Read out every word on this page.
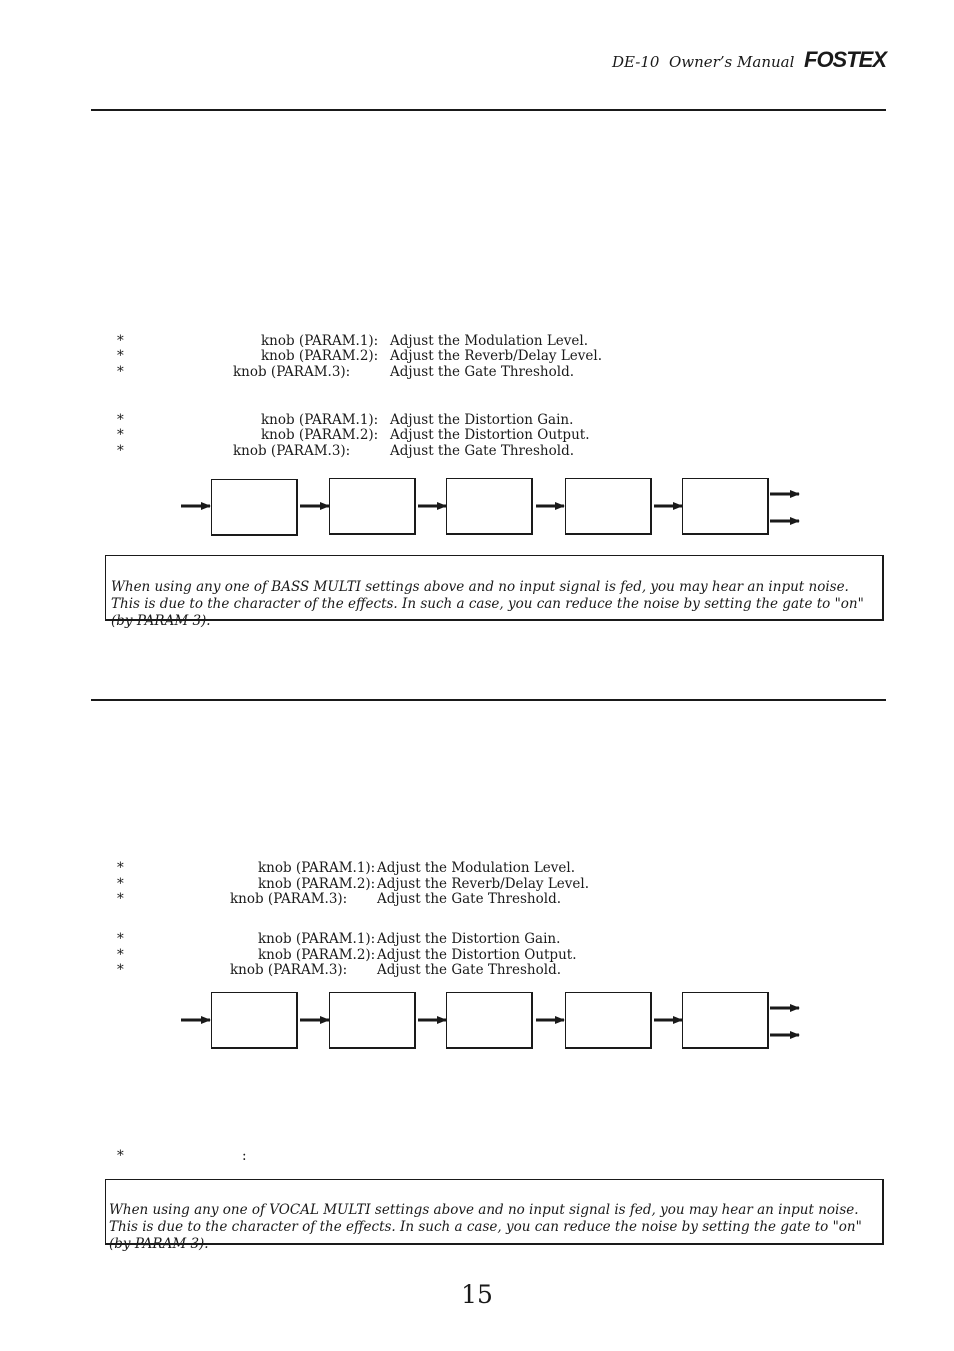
DE-10  Owner’s Manual FOSTEX
*	knob (PARAM.1): Adjust the Modulation Level.
*	knob (PARAM.2): Adjust the Reverb/Delay Level.
*	knob (PARAM.3):	Adjust the Gate Threshold.
*	knob (PARAM.1): Adjust the Distortion Gain.
*	knob (PARAM.2): Adjust the Distortion Output.
*	knob (PARAM.3):	Adjust the Gate Threshold.
When using any one of BASS MULTI settings above and no input signal is fed, you may hear an input noise. This is due to the character of the effects. In such a case, you can reduce the noise by setting the gate to "on" (by PARAM 3).
*	knob (PARAM.1): Adjust the Modulation Level.
*	knob (PARAM.2): Adjust the Reverb/Delay Level.
*	knob (PARAM.3): Adjust the Gate Threshold.
*	knob (PARAM.1): Adjust the Distortion Gain.
*	knob (PARAM.2): Adjust the Distortion Output.
*	knob (PARAM.3): Adjust the Gate Threshold.
*	:
When using any one of VOCAL MULTI settings above and no input signal is fed, you may hear an input noise. This is due to the character of the effects. In such a case, you can reduce the noise by setting the gate to "on" (by PARAM 3).
15
